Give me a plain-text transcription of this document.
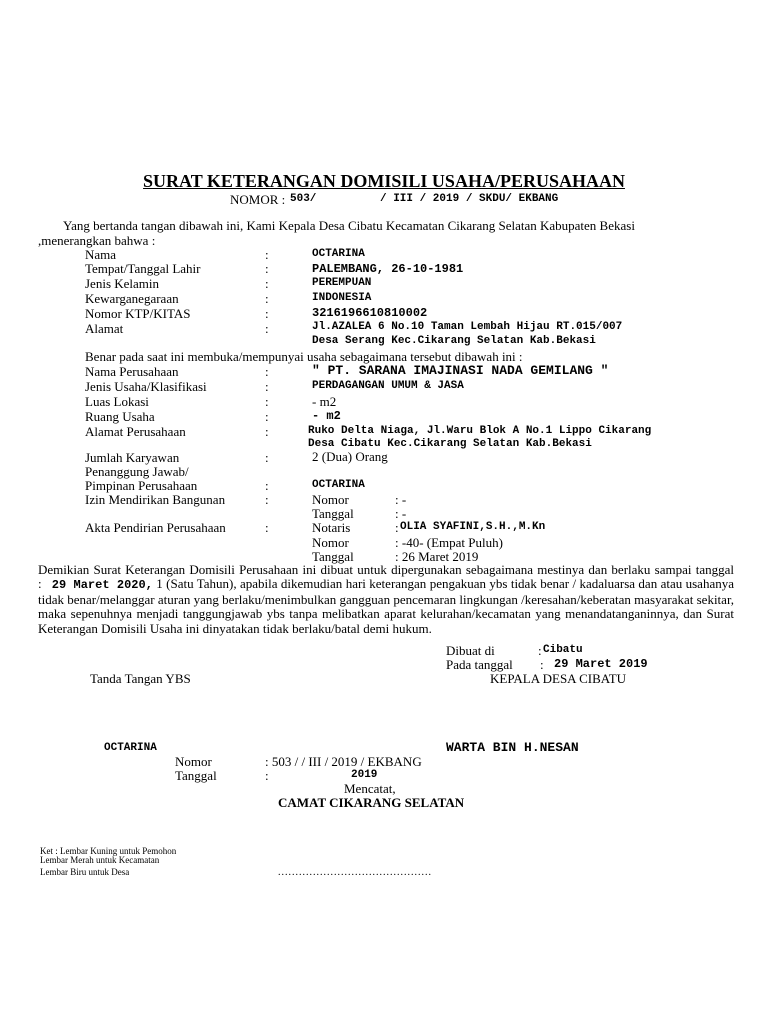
SURAT KETERANGAN DOMISILI USAHA/PERUSAHAAN
NOMOR : 503/	/ III / 2019 / SKDU/ EKBANG
Yang bertanda tangan dibawah ini, Kami Kepala Desa Cibatu Kecamatan Cikarang Selatan Kabupaten Bekasi
,menerangkan bahwa :
Nama	:	OCTARINA
Tempat/Tanggal Lahir	:	PALEMBANG, 26-10-1981
Jenis Kelamin	:	PEREMPUAN
Kewarganegaraan	:	INDONESIA
Nomor KTP/KITAS	:	3216196610810002
Alamat	:	Jl.AZALEA 6 No.10 Taman Lembah Hijau RT.015/007
Desa Serang Kec.Cikarang Selatan Kab.Bekasi
Benar pada saat ini membuka/mempunyai usaha sebagaimana tersebut dibawah ini :
Nama Perusahaan	:	" PT. SARANA IMAJINASI NADA GEMILANG "
Jenis Usaha/Klasifikasi	:	PERDAGANGAN UMUM & JASA
Luas Lokasi	:	- m2
Ruang Usaha	:	- m2
Alamat Perusahaan	:	Ruko Delta Niaga, Jl.Waru Blok A No.1 Lippo Cikarang
Desa Cibatu Kec.Cikarang Selatan Kab.Bekasi
Jumlah Karyawan	:	2 (Dua) Orang
Penanggung Jawab/
Pimpinan Perusahaan	:	OCTARINA
Izin Mendirikan Bangunan	:	Nomor	: -
Tanggal	: -
Akta Pendirian Perusahaan	:	Notaris	: OLIA SYAFINI,S.H.,M.Kn
Nomor	: -40- (Empat Puluh)
Tanggal	: 26 Maret 2019
Demikian Surat Keterangan Domisili Perusahaan ini dibuat untuk dipergunakan sebagaimana mestinya dan berlaku sampai tanggal : 29 Maret 2020, 1 (Satu Tahun), apabila dikemudian hari keterangan pengakuan ybs tidak benar / kadaluarsa dan atau usahanya tidak benar/melanggar aturan yang berlaku/menimbulkan gangguan pencemaran lingkungan /keresahan/keberatan masyarakat sekitar, maka sepenuhnya menjadi tanggungjawab ybs tanpa melibatkan aparat kelurahan/kecamatan yang menandatanganinnya, dan Surat Keterangan Domisili Usaha ini dinyatakan tidak berlaku/batal demi hukum.
Dibuat di	: Cibatu
Pada tanggal : 29 Maret 2019
Tanda Tangan YBS	KEPALA DESA CIBATU
OCTARINA	WARTA BIN H.NESAN
Nomor	: 503 / / III / 2019 / EKBANG
Tanggal	:	2019
Mencatat,
CAMAT CIKARANG SELATAN
Ket : Lembar Kuning untuk Pemohon
Lembar Merah untuk Kecamatan
Lembar Biru untuk Desa	............................................
